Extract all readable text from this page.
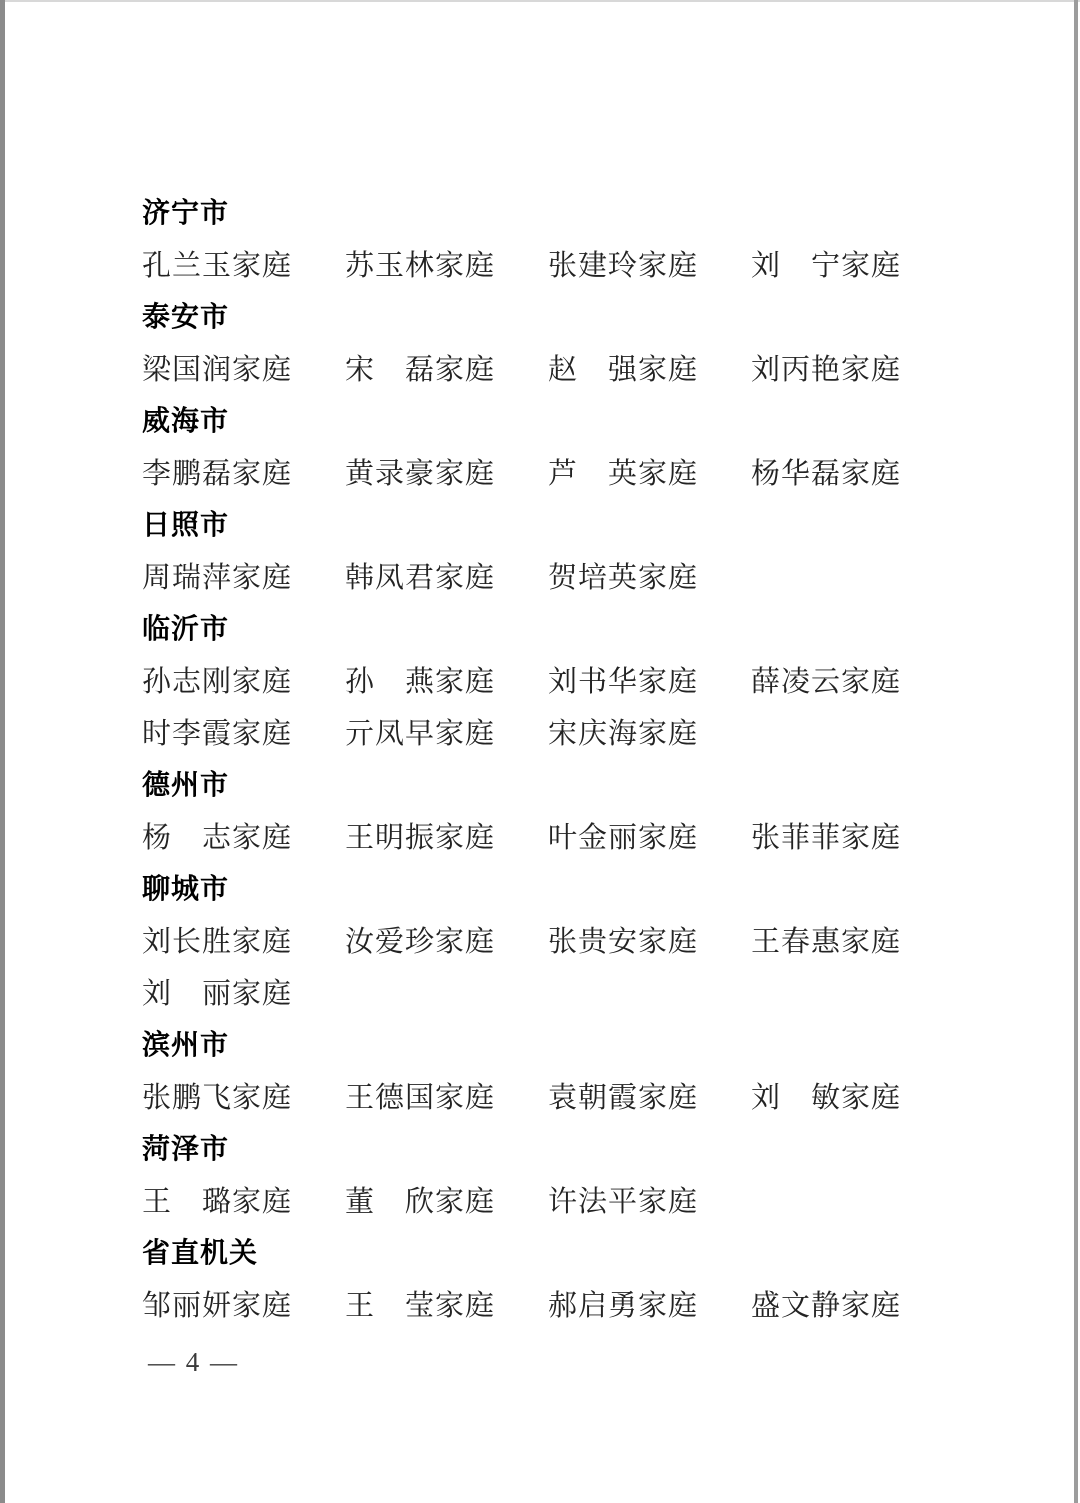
济宁市
孔兰玉家庭	苏玉林家庭	张建玲家庭	刘　宁家庭
泰安市
梁国润家庭	宋　磊家庭	赵　强家庭	刘丙艳家庭
威海市
李鹏磊家庭	黄录豪家庭	芦　英家庭	杨华磊家庭
日照市
周瑞萍家庭	韩凤君家庭	贺培英家庭
临沂市
孙志刚家庭	孙　燕家庭	刘书华家庭	薛凌云家庭
时李霞家庭	亓凤早家庭	宋庆海家庭
德州市
杨　志家庭	王明振家庭	叶金丽家庭	张菲菲家庭
聊城市
刘长胜家庭	汝爱珍家庭	张贵安家庭	王春惠家庭
刘　丽家庭
滨州市
张鹏飞家庭	王德国家庭	袁朝霞家庭	刘　敏家庭
菏泽市
王　璐家庭	董　欣家庭	许法平家庭
省直机关
邹丽妍家庭	王　莹家庭	郝启勇家庭	盛文静家庭
— 4 —
